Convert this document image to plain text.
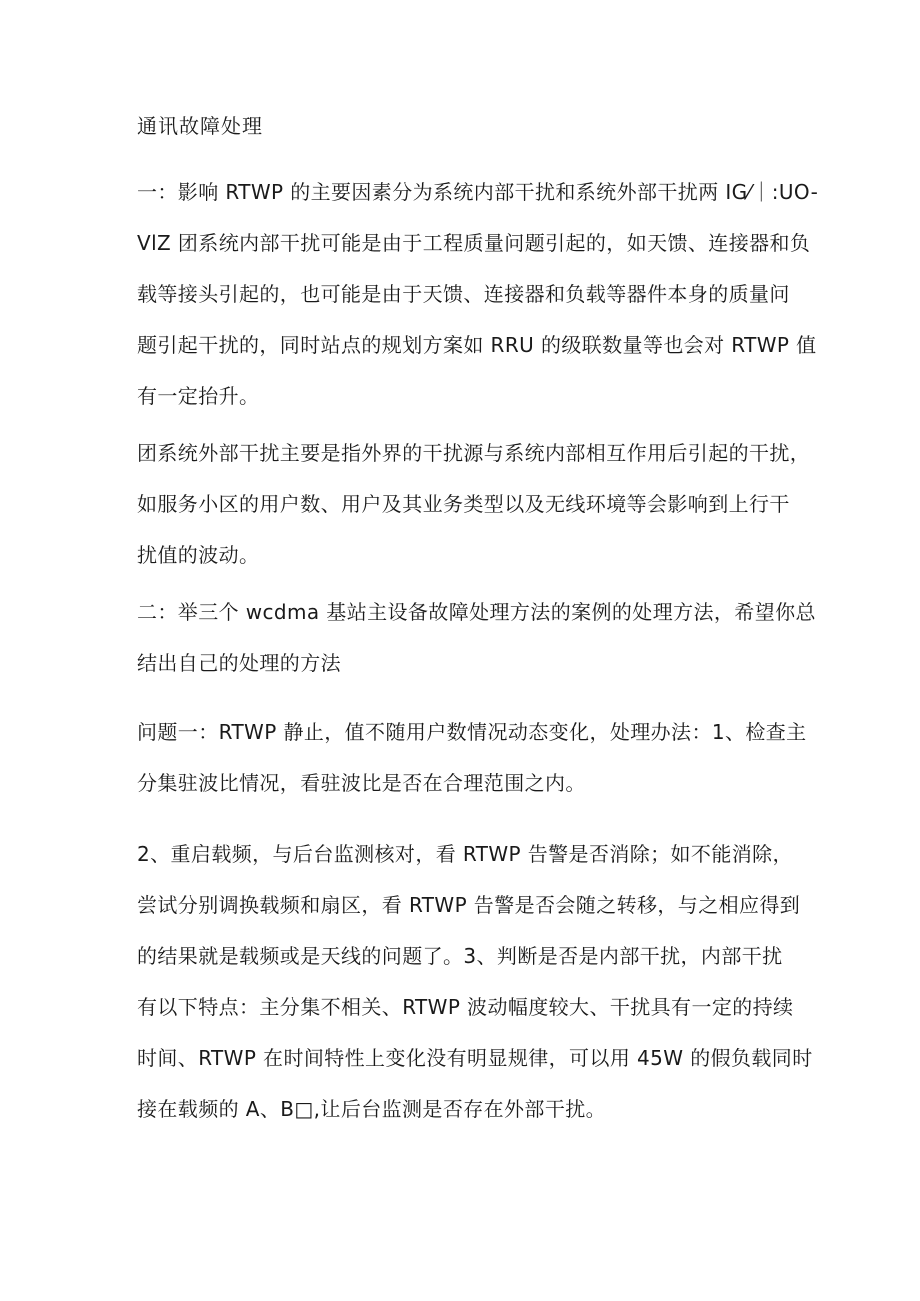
通讯故障处理
一：影响 RTWP 的主要因素分为系统内部干扰和系统外部干扰两 IG⁄｜:UO-
VlZ 团系统内部干扰可能是由于工程质量问题引起的，如天馈、连接器和负
载等接头引起的，也可能是由于天馈、连接器和负载等器件本身的质量问
题引起干扰的，同时站点的规划方案如 RRU 的级联数量等也会对 RTWP 值
有一定抬升。
团系统外部干扰主要是指外界的干扰源与系统内部相互作用后引起的干扰，
如服务小区的用户数、用户及其业务类型以及无线环境等会影响到上行干
扰值的波动。
二：举三个 wcdma 基站主设备故障处理方法的案例的处理方法，希望你总
结出自己的处理的方法
问题一：RTWP 静止，值不随用户数情况动态变化，处理办法：1、检查主
分集驻波比情况，看驻波比是否在合理范围之内。
2、重启载频，与后台监测核对，看 RTWP 告警是否消除；如不能消除，
尝试分别调换载频和扇区，看 RTWP 告警是否会随之转移，与之相应得到
的结果就是载频或是天线的问题了。3、判断是否是内部干扰，内部干扰
有以下特点：主分集不相关、RTWP 波动幅度较大、干扰具有一定的持续
时间、RTWP 在时间特性上变化没有明显规律，可以用 45W 的假负载同时
接在载频的 A、B□,让后台监测是否存在外部干扰。
